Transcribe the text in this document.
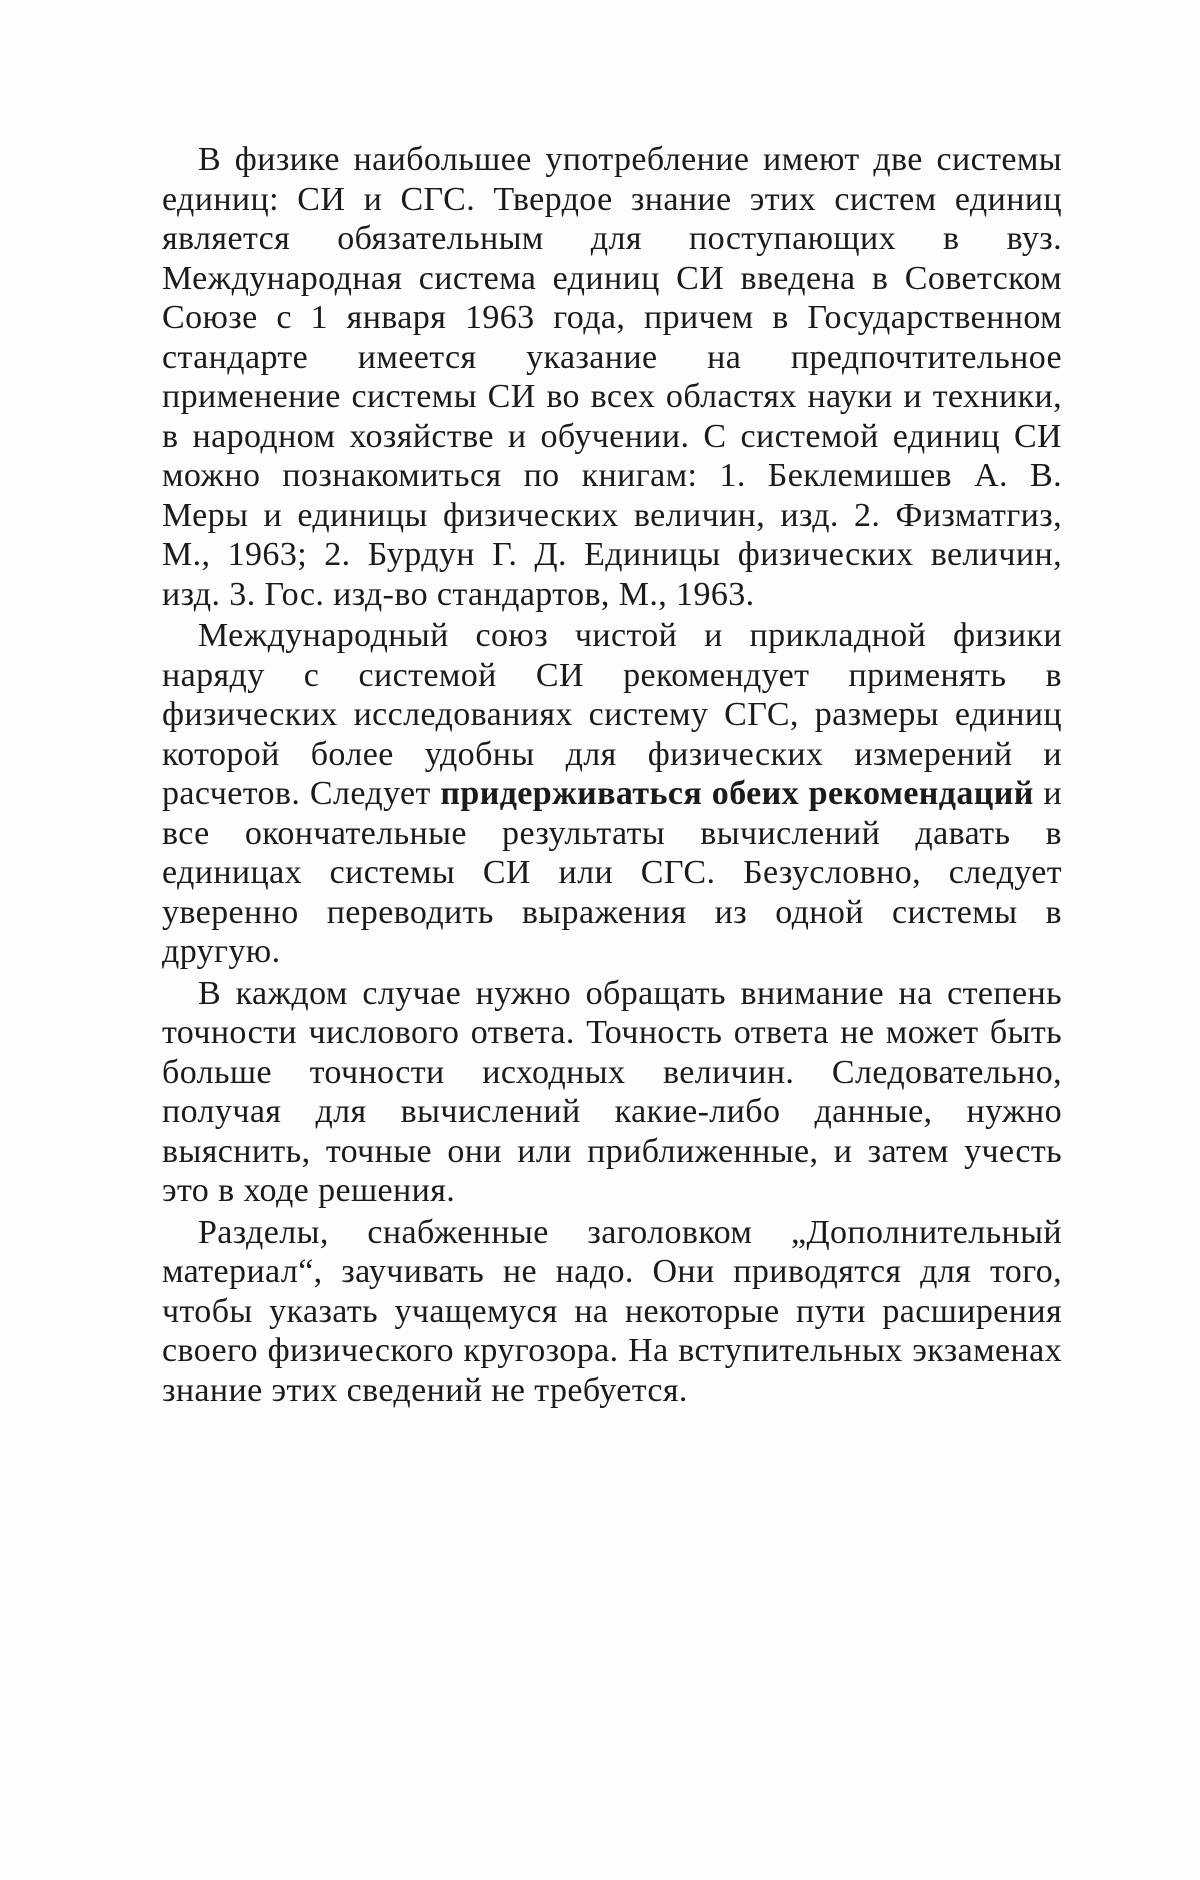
В физике наибольшее употребление имеют две системы единиц: СИ и СГС. Твердое знание этих систем единиц является обязательным для поступающих в вуз. Международная система единиц СИ введена в Советском Союзе с 1 января 1963 года, причем в Государственном стандарте имеется указание на предпочтительное применение системы СИ во всех областях науки и техники, в народном хозяйстве и обучении. С системой единиц СИ можно познакомиться по книгам: 1. Беклемишев А. В. Меры и единицы физических величин, изд. 2. Физматгиз, М., 1963; 2. Бурдун Г. Д. Единицы физических величин, изд. 3. Гос. изд-во стандартов, М., 1963.

Международный союз чистой и прикладной физики наряду с системой СИ рекомендует применять в физических исследованиях систему СГС, размеры единиц которой более удобны для физических измерений и расчетов. Следует придерживаться обеих рекомендаций и все окончательные результаты вычислений давать в единицах системы СИ или СГС. Безусловно, следует уверенно переводить выражения из одной системы в другую.

В каждом случае нужно обращать внимание на степень точности числового ответа. Точность ответа не может быть больше точности исходных величин. Следовательно, получая для вычислений какие-либо данные, нужно выяснить, точные они или приближенные, и затем учесть это в ходе решения.

Разделы, снабженные заголовком „Дополнительный материал“, заучивать не надо. Они приводятся для того, чтобы указать учащемуся на некоторые пути расширения своего физического кругозора. На вступительных экзаменах знание этих сведений не требуется.
